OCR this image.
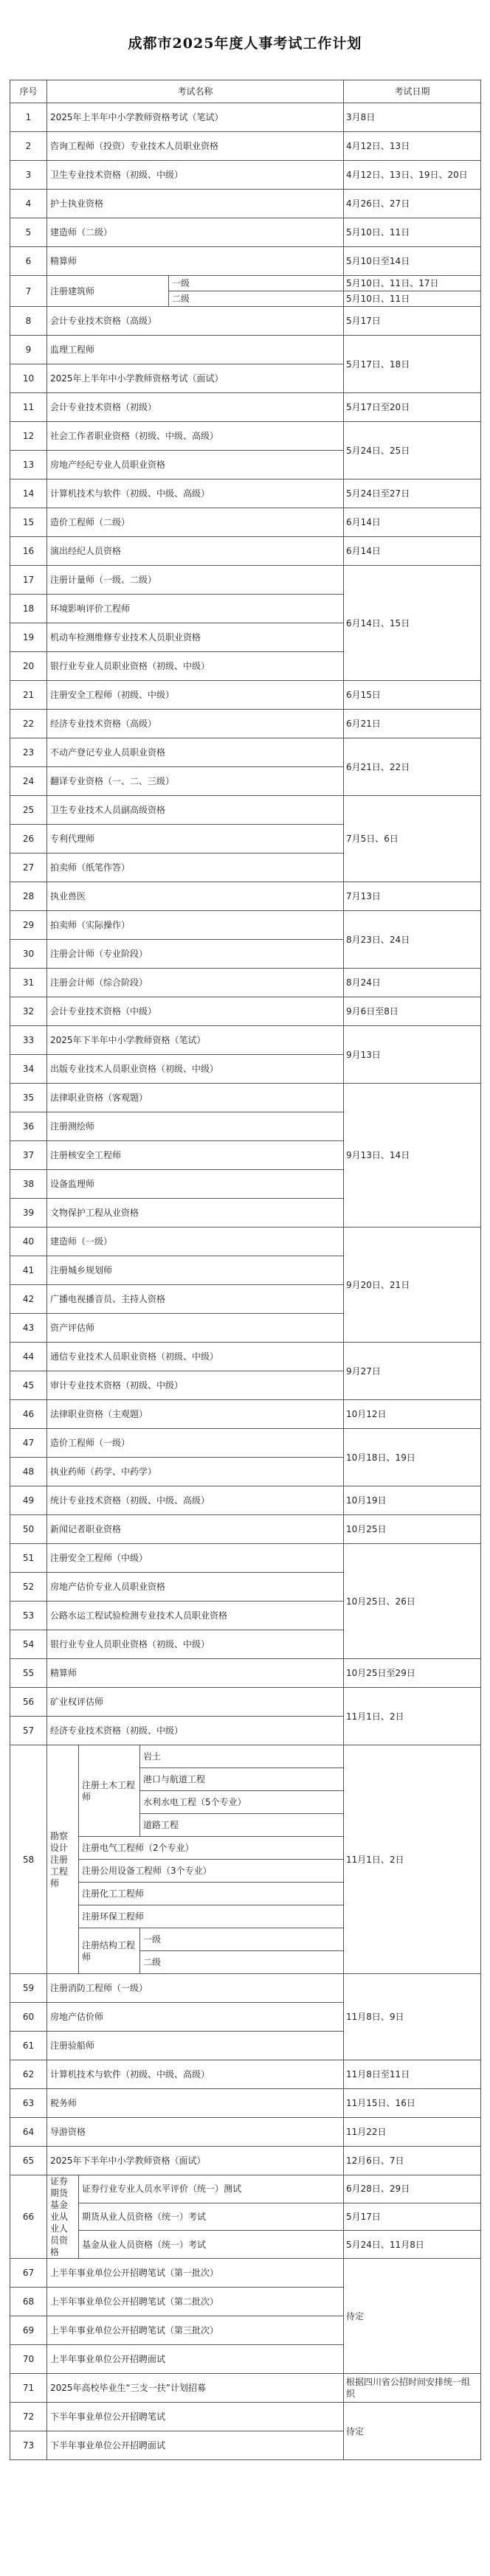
成都市2025年度人事考试工作计划
序号	考试名称				考试日期
1	2025年上半年中小学教师资格考试（笔试）				3月8日
2	咨询工程师（投资）专业技术人员职业资格				4月12日、13日
3	卫生专业技术资格（初级、中级）				4月12日、13日、19日、20日
4	护士执业资格				4月26日、27日
5	建造师（二级）				5月10日、11日
6	精算师				5月10日至14日
7	注册建筑师			一级	5月10日、11日、17日
				二级	5月10日、11日
8	会计专业技术资格（高级）				5月17日
9	监理工程师				5月17日、18日
10	2025年上半年中小学教师资格考试（面试）				
11	会计专业技术资格（初级）				5月17日至20日
12	社会工作者职业资格（初级、中级、高级）				5月24日、25日
13	房地产经纪专业人员职业资格				
14	计算机技术与软件（初级、中级、高级）				5月24日至27日
15	造价工程师（二级）				6月14日
16	演出经纪人员资格				6月14日
17	注册计量师（一级、二级）				6月14日、15日
18	环境影响评价工程师				
19	机动车检测维修专业技术人员职业资格				
20	银行业专业人员职业资格（初级、中级）				
21	注册安全工程师（初级、中级）				6月15日
22	经济专业技术资格（高级）				6月21日
23	不动产登记专业人员职业资格				6月21日、22日
24	翻译专业资格（一、二、三级）				
25	卫生专业技术人员副高级资格				7月5日、6日
26	专利代理师				
27	拍卖师（纸笔作答）				
28	执业兽医				7月13日
29	拍卖师（实际操作）				8月23日、24日
30	注册会计师（专业阶段）				
31	注册会计师（综合阶段）				8月24日
32	会计专业技术资格（中级）				9月6日至8日
33	2025年下半年中小学教师资格（笔试）				9月13日
34	出版专业技术人员职业资格（初级、中级）				
35	法律职业资格（客观题）				9月13日、14日
36	注册测绘师				
37	注册核安全工程师				
38	设备监理师				
39	文物保护工程从业资格				
40	建造师（一级）				9月20日、21日
41	注册城乡规划师				
42	广播电视播音员、主持人资格				
43	资产评估师				
44	通信专业技术人员职业资格（初级、中级）				9月27日
45	审计专业技术资格（初级、中级）				
46	法律职业资格（主观题）				10月12日
47	造价工程师（一级）				10月18日、19日
48	执业药师（药学、中药学）				
49	统计专业技术资格（初级、中级、高级）				10月19日
50	新闻记者职业资格				10月25日
51	注册安全工程师（中级）				10月25日、26日
52	房地产估价专业人员职业资格				
53	公路水运工程试验检测专业技术人员职业资格				
54	银行业专业人员职业资格（初级、中级）				
55	精算师				10月25日至29日
56	矿业权评估师				11月1日、2日
57	经济专业技术资格（初级、中级）				
58	勘察设计注册工程师	注册土木工程师	岩土		11月1日、2日
			港口与航道工程		
			水利水电工程（5个专业）		
			道路工程		
		注册电气工程师（2个专业）			
		注册公用设备工程师（3个专业）			
		注册化工工程师			
		注册环保工程师			
		注册结构工程师	一级		
			二级		
59	注册消防工程师（一级）				11月8日、9日
60	房地产估价师				
61	注册验船师				
62	计算机技术与软件（初级、中级、高级）				11月8日至11日
63	税务师				11月15日、16日
64	导游资格				11月22日
65	2025年下半年中小学教师资格（面试）				12月6日、7日
66	证券期货基金业从业人员资格	证券行业专业人员水平评价（统一）测试			6月28日、29日
		期货从业人员资格（统一）考试			5月17日
		基金从业人员资格（统一）考试			5月24日、11月8日
67	上半年事业单位公开招聘笔试（第一批次）				待定
68	上半年事业单位公开招聘笔试（第二批次）				
69	上半年事业单位公开招聘笔试（第三批次）				
70	上半年事业单位公开招聘面试				
71	2025年高校毕业生“三支一扶”计划招募				根据四川省公招时间安排统一组织
72	下半年事业单位公开招聘笔试				待定
73	下半年事业单位公开招聘面试				
